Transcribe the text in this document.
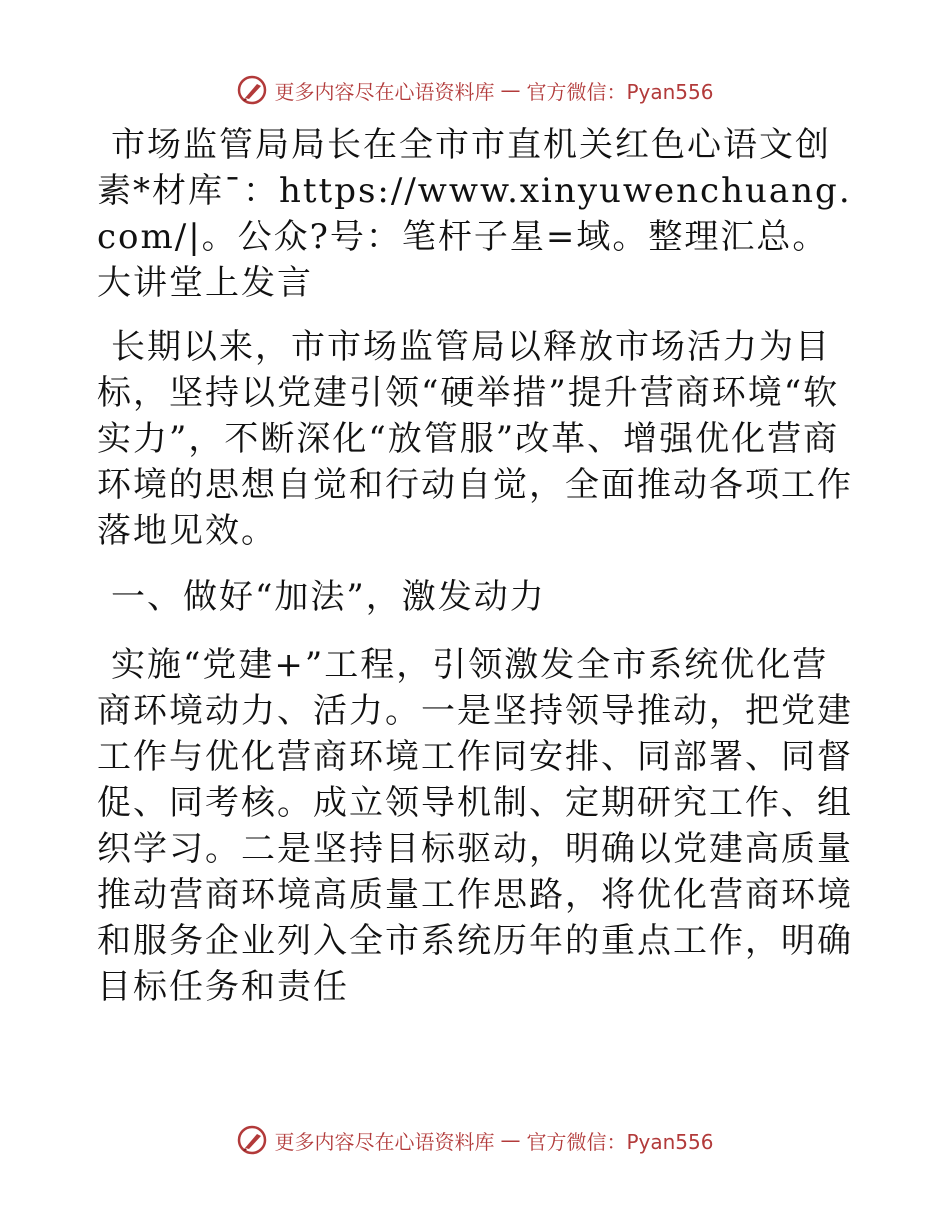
更多内容尽在心语资料库 — 官方微信：Pyan556

市场监管局局长在全市市直机关红色心语文创素*材库¯：https://www.xinyuwenchuang.com/|。公众?号：笔杆子星=域。整理汇总。大讲堂上发言

长期以来，市市场监管局以释放市场活力为目标，坚持以党建引领“硬举措”提升营商环境“软实力”，不断深化“放管服”改革、增强优化营商环境的思想自觉和行动自觉，全面推动各项工作落地见效。

一、做好“加法”，激发动力

实施“党建+”工程，引领激发全市系统优化营商环境动力、活力。一是坚持领导推动，把党建工作与优化营商环境工作同安排、同部署、同督促、同考核。成立领导机制、定期研究工作、组织学习。二是坚持目标驱动，明确以党建高质量推动营商环境高质量工作思路，将优化营商环境和服务企业列入全市系统历年的重点工作，明确目标任务和责任

更多内容尽在心语资料库 — 官方微信：Pyan556
